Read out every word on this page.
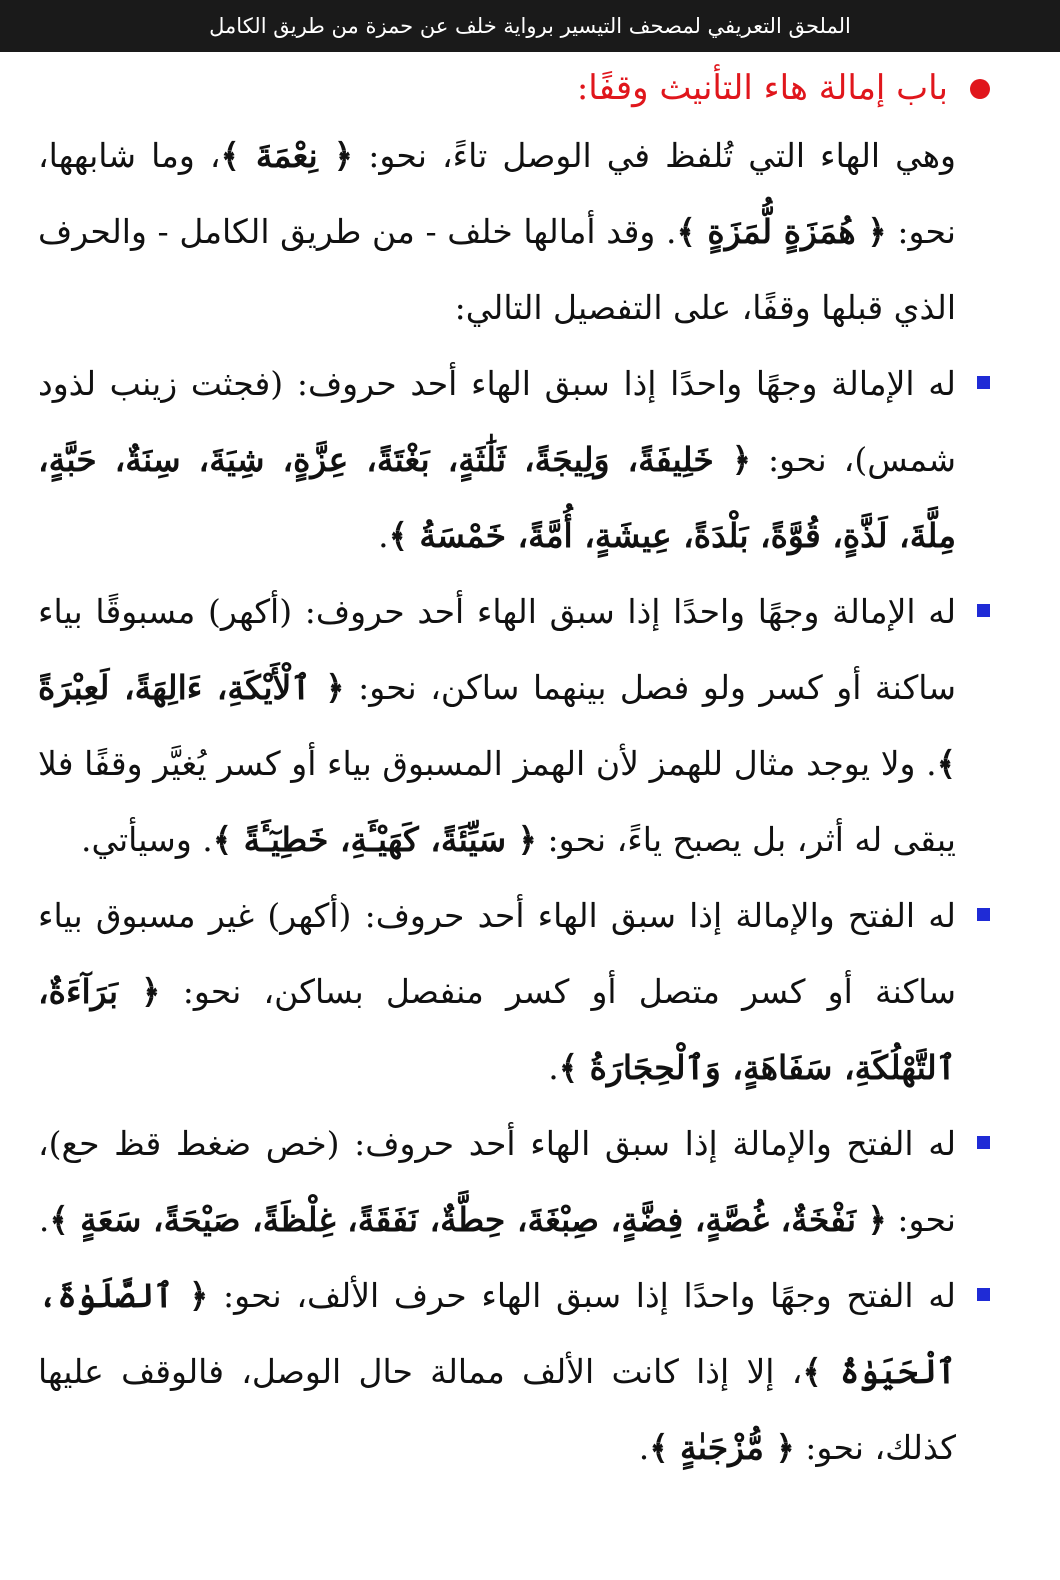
الملحق التعريفي لمصحف التيسير برواية خلف عن حمزة من طريق الكامل
باب إمالة هاء التأنيث وقفًا:

وهي الهاء التي تُلفظ في الوصل تاءً، نحو: ﴿ نِعْمَةَ ﴾، وما شابهها، نحو: ﴿ هُمَزَةٍ لُّمَزَةٍ ﴾. وقد أمالها خلف - من طريق الكامل - والحرف الذي قبلها وقفًا، على التفصيل التالي:

له الإمالة وجهًا واحدًا إذا سبق الهاء أحد حروف: (فجثت زينب لذود شمس)، نحو: ﴿ خَلِيفَةً، وَلِيجَةً، ثَلَٰثَةٍ، بَغْتَةً، عِزَّةٍ، شِيَةَ، سِنَةٌ، حَبَّةٍ، مِلَّةَ، لَذَّةٍ، قُوَّةً، بَلْدَةً، عِيشَةٍ، أُمَّةً، خَمْسَةُ ﴾.
له الإمالة وجهًا واحدًا إذا سبق الهاء أحد حروف: (أكهر) مسبوقًا بياء ساكنة أو كسر ولو فصل بينهما ساكن، نحو: ﴿ ٱلْأَيْكَةِ، ءَالِهَةً، لَعِبْرَةً ﴾. ولا يوجد مثال للهمز لأن الهمز المسبوق بياء أو كسر يُغيَّر وقفًا فلا يبقى له أثر، بل يصبح ياءً، نحو: ﴿ سَيِّئَةً، كَهَيْـَٔةِ، خَطِيٓـَٔةً ﴾. وسيأتي.
له الفتح والإمالة إذا سبق الهاء أحد حروف: (أكهر) غير مسبوق بياء ساكنة أو كسر متصل أو كسر منفصل بساكن، نحو: ﴿ بَرَآءَةٌ، ٱلتَّهْلُكَةِ، سَفَاهَةٍ، وَٱلْحِجَارَةُ ﴾.
له الفتح والإمالة إذا سبق الهاء أحد حروف: (خص ضغط قظ حع)، نحو: ﴿ نَفْخَةٌ، غُصَّةٍ، فِضَّةٍ، صِبْغَةَ، حِطَّةٌ، نَفَقَةً، غِلْظَةً، صَيْحَةً، سَعَةٍ ﴾.
له الفتح وجهًا واحدًا إذا سبق الهاء حرف الألف، نحو: ﴿ ٱلصَّلَوٰةَ، ٱلْحَيَوٰةُ ﴾، إلا إذا كانت الألف ممالة حال الوصل، فالوقف عليها كذلك، نحو: ﴿ مُّزْجَىٰةٍ ﴾.
